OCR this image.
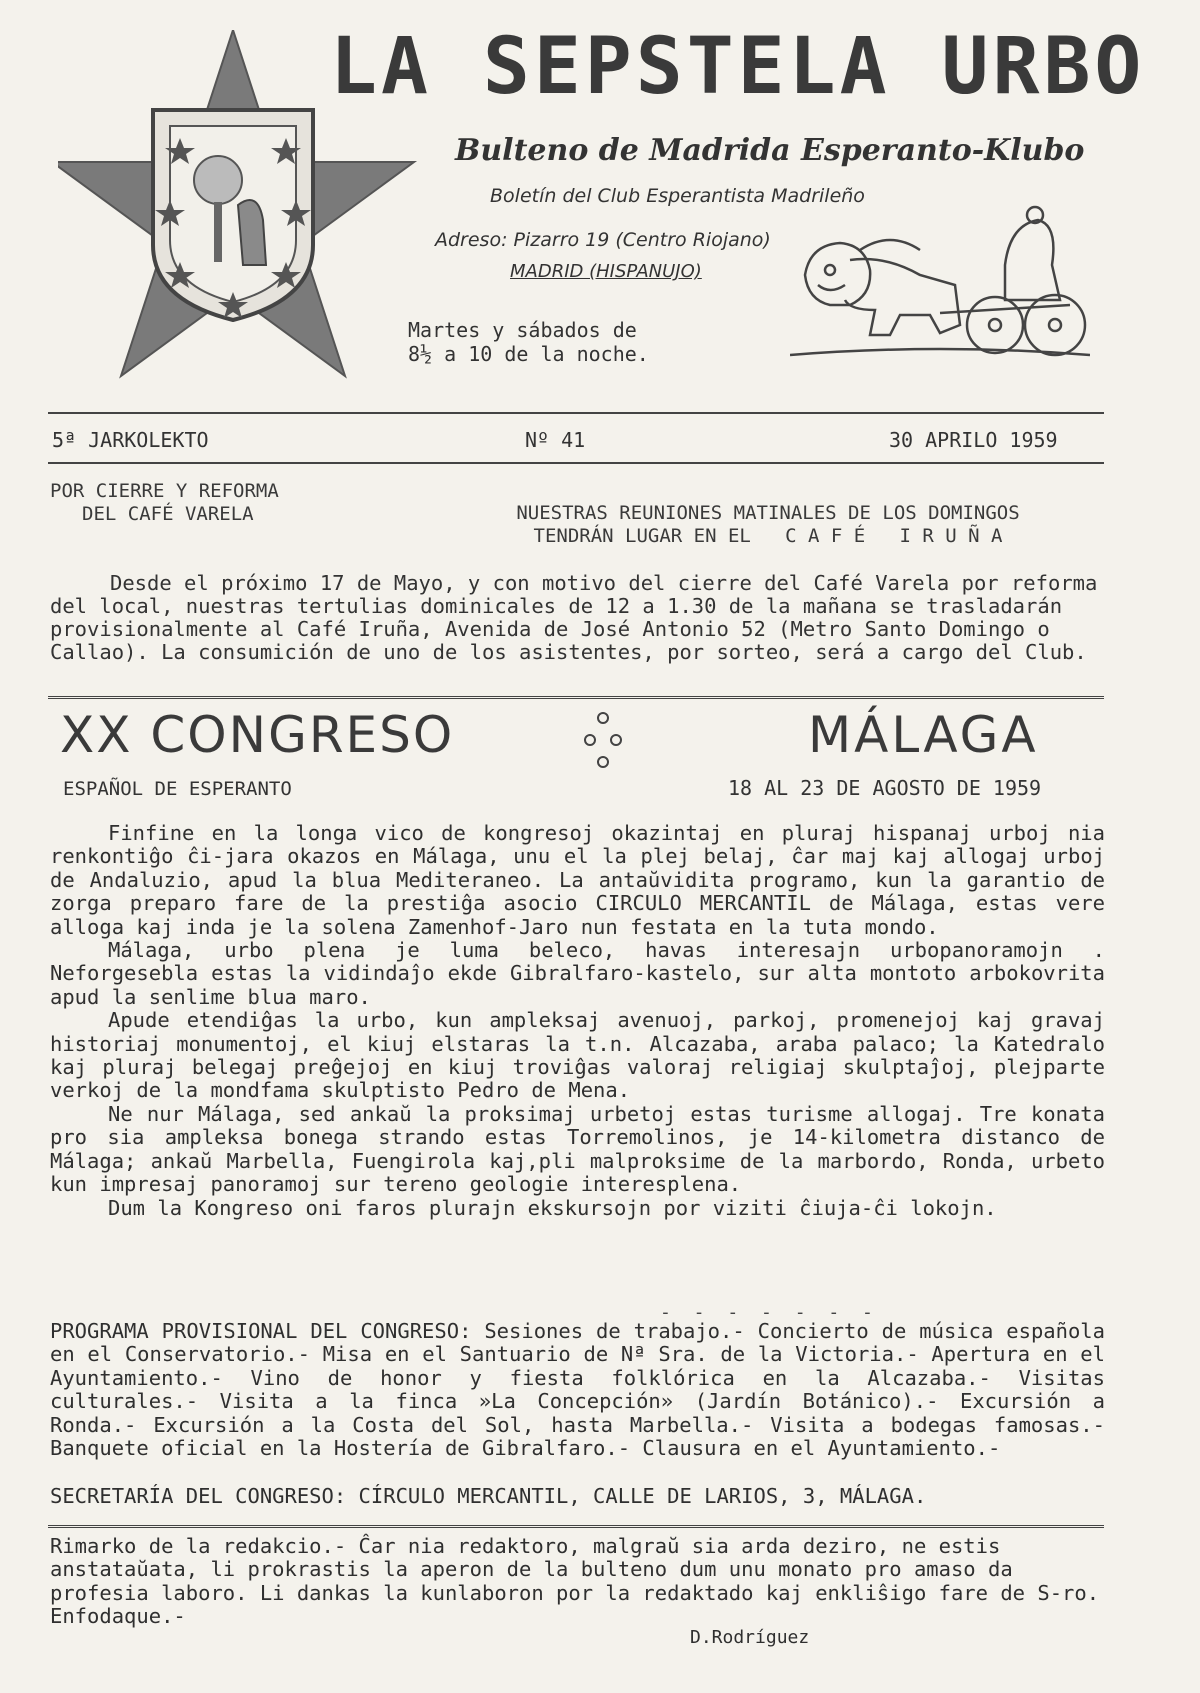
LA SEPSTELA URBO
Bulteno de Madrida Esperanto-Klubo
Boletín del Club Esperantista Madrileño
Adreso: Pizarro 19 (Centro Riojano)
MADRID (HISPANUJO)
Martes y sábados de
8½ a 10 de la noche.
5ª JARKOLEKTO	Nº 41	30 APRILO 1959
POR CIERRE Y REFORMA
DEL CAFÉ VARELA	NUESTRAS REUNIONES MATINALES DE LOS DOMINGOS
TENDRÁN LUGAR EN EL   C A F É   I R U Ñ A
Desde el próximo 17 de Mayo, y con motivo del cierre del Café Varela por reforma del local, nuestras tertulias dominicales de 12 a 1.30 de la mañana se trasladarán provisionalmente al Café Iruña, Avenida de José Antonio 52 (Metro Santo Domingo o Callao). La consumición de uno de los asistentes, por sorteo, será a cargo del Club.
XX CONGRESO	MÁLAGA
ESPAÑOL DE ESPERANTO	18 AL 23 DE AGOSTO DE 1959

Finfine en la longa vico de kongresoj okazintaj en pluraj hispanaj urboj nia renkontiĝo ĉi-jara okazos en Málaga, unu el la plej belaj, ĉar maj kaj allogaj urboj de Andaluzio, apud la blua Mediteraneo. La antaŭvidita programo, kun la garantio de zorga preparo fare de la prestiĝa asocio CIRCULO MERCANTIL de Málaga, estas vere alloga kaj inda je la solena Zamenhof-Jaro nun festata en la tuta mondo.

Málaga, urbo plena je luma beleco, havas interesajn urbopanoramojn . Neforgesebla estas la vidindaĵo ekde Gibralfaro-kastelo, sur alta montoto arbokovrita apud la senlime blua maro.

Apude etendiĝas la urbo, kun ampleksaj avenuoj, parkoj, promenejoj kaj gravaj historiaj monumentoj, el kiuj elstaras la t.n. Alcazaba, araba palaco; la Katedralo kaj pluraj belegaj preĝejoj en kiuj troviĝas valoraj religiaj skulptaĵoj, plejparte verkoj de la mondfama skulptisto Pedro de Mena.

Ne nur Málaga, sed ankaŭ la proksimaj urbetoj estas turisme allogaj. Tre konata pro sia ampleksa bonega strando estas Torremolinos, je 14-kilometra distanco de Málaga; ankaŭ Marbella, Fuengirola kaj,pli malproksime de la marbordo, Ronda, urbeto kun impresaj panoramoj sur tereno geologie interesplena.

Dum la Kongreso oni faros plurajn ekskursojn por viziti ĉiuja-ĉi lokojn.

- - - - - - -
PROGRAMA PROVISIONAL DEL CONGRESO: Sesiones de trabajo.- Concierto de música española en el Conservatorio.- Misa en el Santuario de Nª Sra. de la Victoria.- Apertura en el Ayuntamiento.- Vino de honor y fiesta folklórica en la Alcazaba.- Visitas culturales.- Visita a la finca »La Concepción» (Jardín Botánico).- Excursión a Ronda.- Excursión a la Costa del Sol, hasta Marbella.- Visita a bodegas famosas.- Banquete oficial en la Hostería de Gibralfaro.- Clausura en el Ayuntamiento.-
SECRETARÍA DEL CONGRESO: CÍRCULO MERCANTIL, CALLE DE LARIOS, 3, MÁLAGA.
Rimarko de la redakcio.- Ĉar nia redaktoro, malgraŭ sia arda deziro, ne estis anstataŭata, li prokrastis la aperon de la bulteno dum unu monato pro amaso da profesia laboro. Li dankas la kunlaboron por la redaktado kaj enkliŝigo fare de S-ro. Enfodaque.-
D.Rodríguez
